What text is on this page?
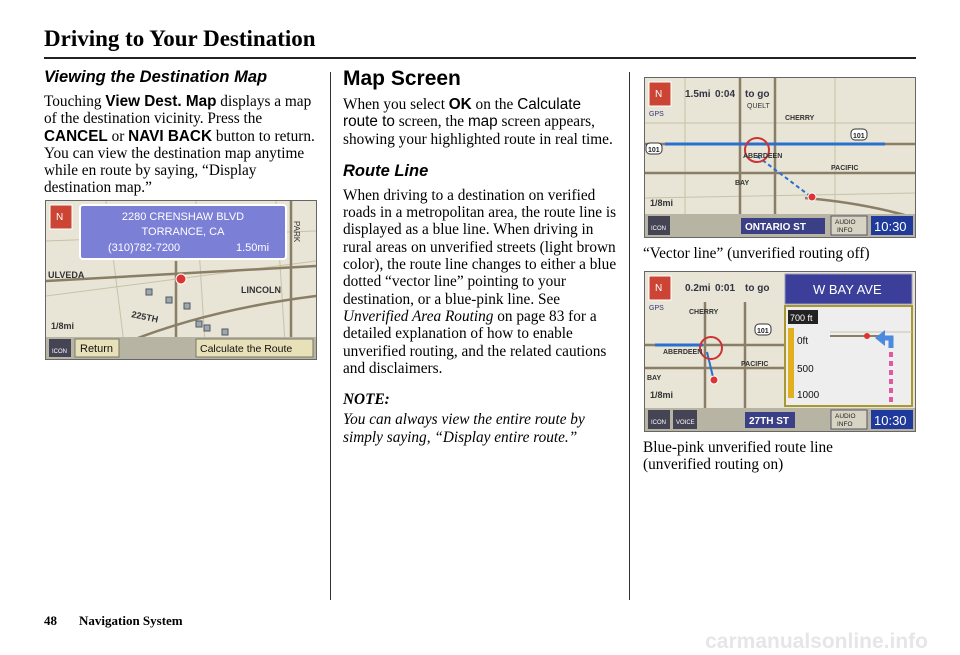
Driving to Your Destination
Viewing the Destination Map

Touching View Dest. Map displays a map of the destination vicinity. Press the CANCEL or NAVI BACK button to return. You can view the destination map anytime while en route by saying, “Display destination map.”

LINCOLN
225TH
ULVEDA
PARK
N	2280 CRENSHAW BLVD
TORRANCE, CA
(310)782-7200	1.50mi
1/8mi
ICON Return	Calculate the Route
Map Screen

When you select OK on the Calculate route to screen, the map screen appears, showing your highlighted route in real time.

Route Line

When driving to a destination on verified roads in a metropolitan area, the route line is displayed as a blue line. When driving in rural areas on unverified streets (light brown color), the route line changes to either a blue dotted “vector line” pointing to your destination, or a blue-pink line. See Unverified Area Routing on page 83 for a detailed explanation of how to enable unverified routing, and the related cautions and disclaimers.

NOTE:

You can always view the entire route by simply saying, “Display entire route.”

N
GPS
1.5mi 0:04 to go
QUELT
CHERRY
ABERDEEN
PACIFIC
BAY
101
101
1/8mi
ICON	ONTARIO ST	AUDIO
INFO 10:30
“Vector line” (unverified routing off)
N
GPS
0.2mi 0:01 to go
CHERRY
ABERDEEN
PACIFIC
BAY
101
1/8mi
W BAY AVE
700 ft
0ft
500
1000
ICON VOICE	27TH ST	AUDIO
INFO 10:30
Blue-pink unverified route line
(unverified routing on)
48 Navigation System
carmanualsonline.info
